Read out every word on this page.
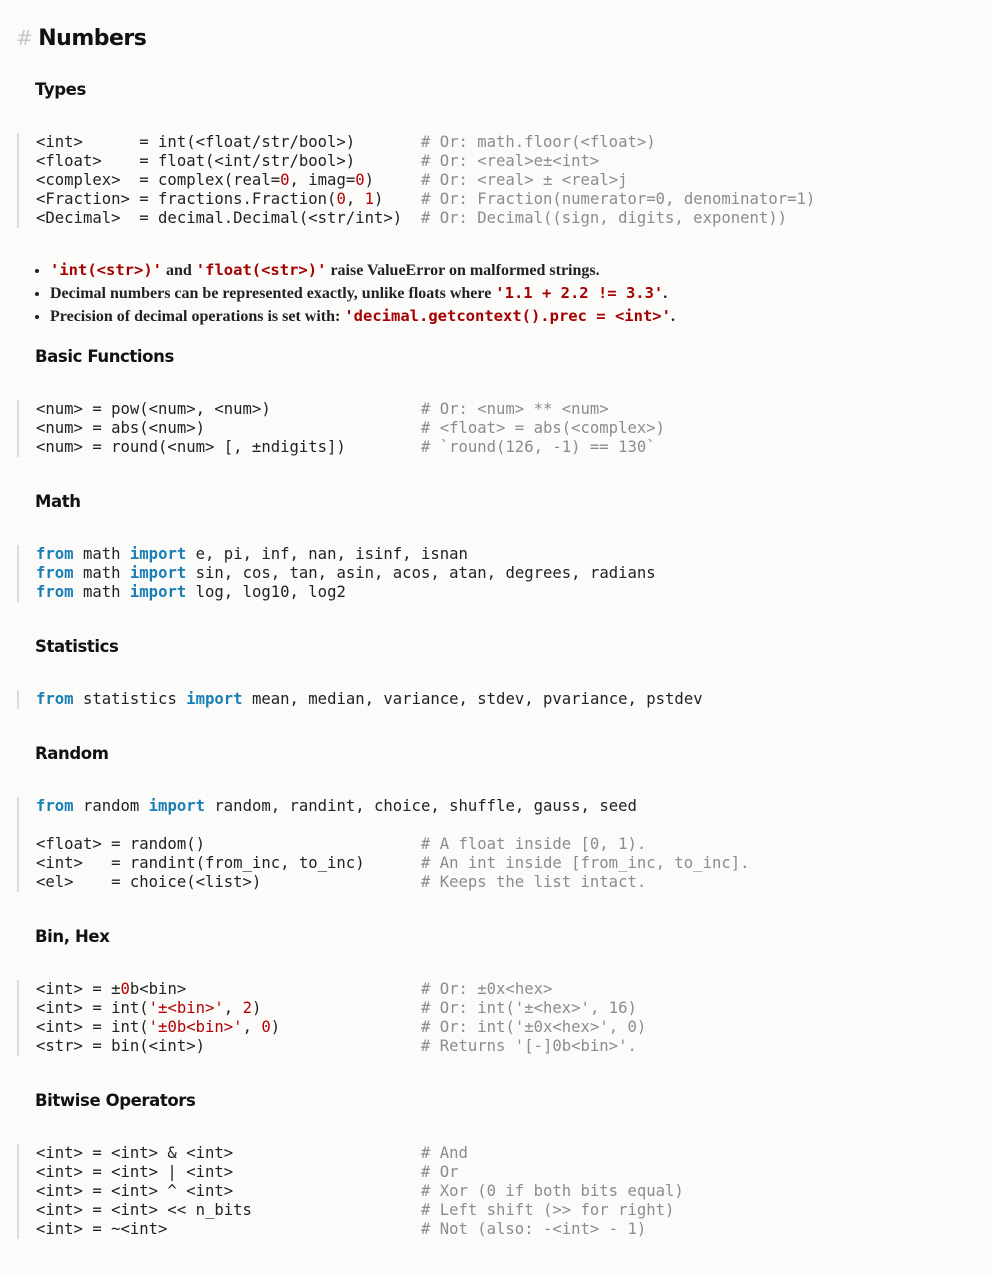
# Numbers
Types
<int>      = int(<float/str/bool>)       # Or: math.floor(<float>)
<float>    = float(<int/str/bool>)	# Or: <real>e±<int>
<complex>  = complex(real=0, imag=0)     # Or: <real> ± <real>j
<Fraction> = fractions.Fraction(0, 1)    # Or: Fraction(numerator=0, denominator=1)
<Decimal>  = decimal.Decimal(<str/int>)  # Or: Decimal((sign, digits, exponent))
• 'int(<str>)' and 'float(<str>)' raise ValueError on malformed strings.
• Decimal numbers can be represented exactly, unlike floats where '1.1 + 2.2 != 3.3'.
• Precision of decimal operations is set with: 'decimal.getcontext().prec = <int>'.
Basic Functions
<num> = pow(<num>, <num>)                # Or: <num> ** <num>
<num> = abs(<num>)	# <float> = abs(<complex>)
<num> = round(<num> [, ±ndigits])	# `round(126, -1) == 130`
Math
from math import e, pi, inf, nan, isinf, isnan
from math import sin, cos, tan, asin, acos, atan, degrees, radians
from math import log, log10, log2
Statistics
from statistics import mean, median, variance, stdev, pvariance, pstdev
Random
from random import random, randint, choice, shuffle, gauss, seed

<float> = random()	# A float inside [0, 1).
<int>   = randint(from_inc, to_inc)	# An int inside [from_inc, to_inc].
<el>    = choice(<list>)	# Keeps the list intact.
Bin, Hex
<int> = ±0b<bin>                         # Or: ±0x<hex>
<int> = int('±<bin>', 2)                 # Or: int('±<hex>', 16)
<int> = int('±0b<bin>', 0)               # Or: int('±0x<hex>', 0)
<str> = bin(<int>)	# Returns '[-]0b<bin>'.
Bitwise Operators
<int> = <int> & <int>                    # And
<int> = <int> | <int>	# Or
<int> = <int> ^ <int>	# Xor (0 if both bits equal)
<int> = <int> << n_bits	# Left shift (>> for right)
<int> = ~<int>	# Not (also: -<int> - 1)
